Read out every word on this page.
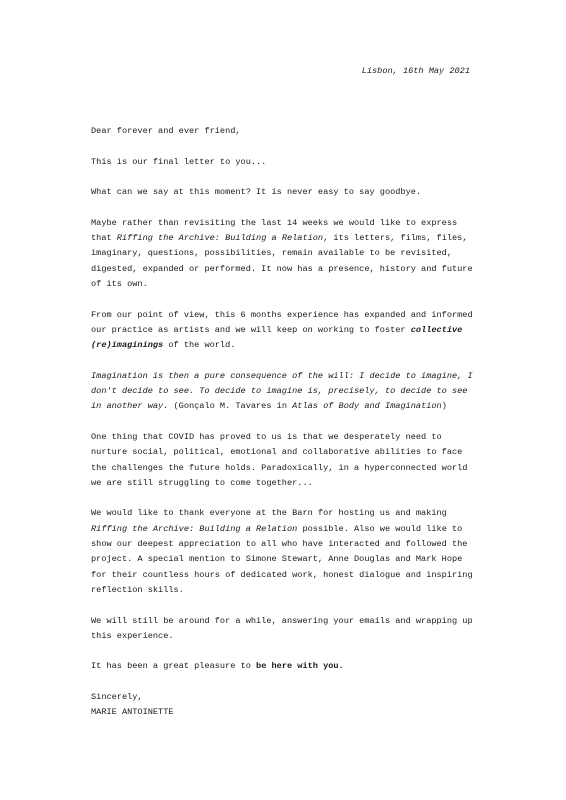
Lisbon, 16th May 2021

Dear forever and ever friend,

This is our final letter to you...

What can we say at this moment? It is never easy to say goodbye.

Maybe rather than revisiting the last 14 weeks we would like to express that Riffing the Archive: Building a Relation, its letters, films, files, imaginary, questions, possibilities, remain available to be revisited, digested, expanded or performed. It now has a presence, history and future of its own.

From our point of view, this 6 months experience has expanded and informed our practice as artists and we will keep on working to foster collective (re)imaginings of the world.

Imagination is then a pure consequence of the will: I decide to imagine, I don't decide to see. To decide to imagine is, precisely, to decide to see in another way. (Gonçalo M. Tavares in Atlas of Body and Imagination)

One thing that COVID has proved to us is that we desperately need to nurture social, political, emotional and collaborative abilities to face the challenges the future holds. Paradoxically, in a hyperconnected world we are still struggling to come together...

We would like to thank everyone at the Barn for hosting us and making Riffing the Archive: Building a Relation possible. Also we would like to show our deepest appreciation to all who have interacted and followed the project. A special mention to Simone Stewart, Anne Douglas and Mark Hope for their countless hours of dedicated work, honest dialogue and inspiring reflection skills.

We will still be around for a while, answering your emails and wrapping up this experience.

It has been a great pleasure to be here with you.

Sincerely,

MARIE ANTOINETTE
